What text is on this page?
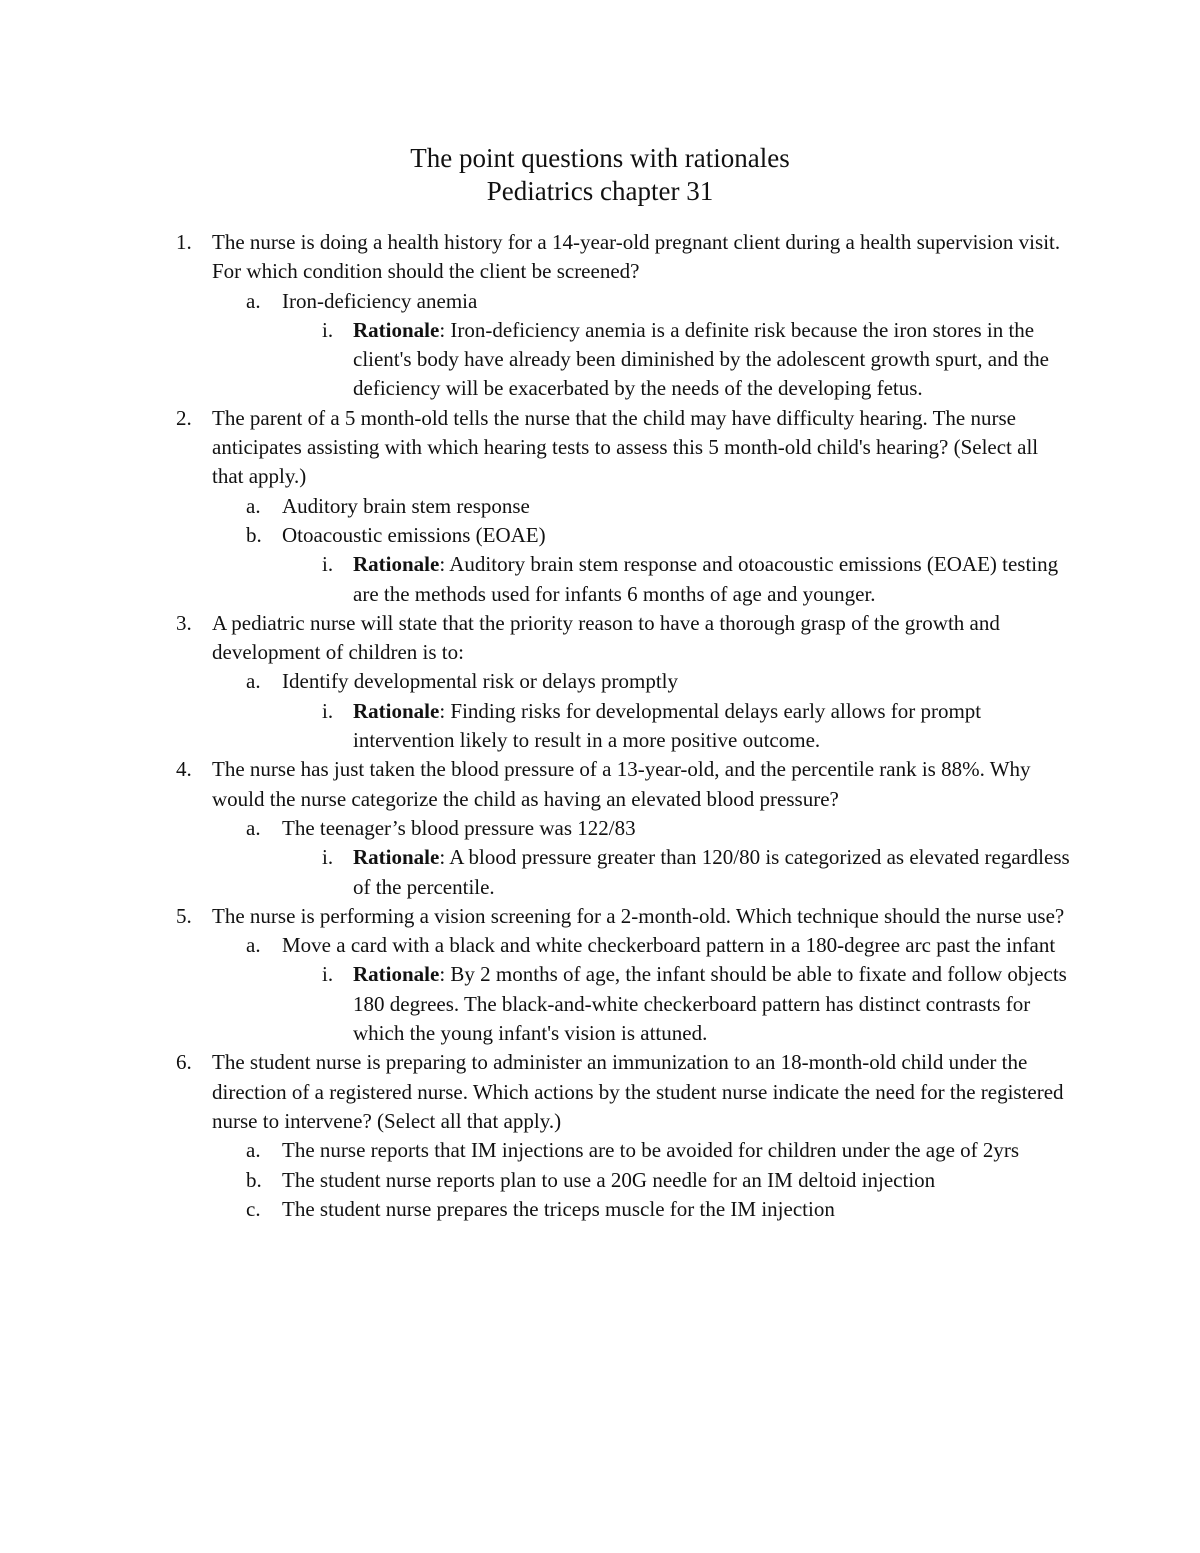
The point questions with rationales
Pediatrics chapter 31
1. The nurse is doing a health history for a 14-year-old pregnant client during a health supervision visit. For which condition should the client be screened?
a. Iron-deficiency anemia
i. Rationale: Iron-deficiency anemia is a definite risk because the iron stores in the client's body have already been diminished by the adolescent growth spurt, and the deficiency will be exacerbated by the needs of the developing fetus.
2. The parent of a 5 month-old tells the nurse that the child may have difficulty hearing. The nurse anticipates assisting with which hearing tests to assess this 5 month-old child's hearing? (Select all that apply.)
a. Auditory brain stem response
b. Otoacoustic emissions (EOAE)
i. Rationale: Auditory brain stem response and otoacoustic emissions (EOAE) testing are the methods used for infants 6 months of age and younger.
3. A pediatric nurse will state that the priority reason to have a thorough grasp of the growth and development of children is to:
a. Identify developmental risk or delays promptly
i. Rationale: Finding risks for developmental delays early allows for prompt intervention likely to result in a more positive outcome.
4. The nurse has just taken the blood pressure of a 13-year-old, and the percentile rank is 88%. Why would the nurse categorize the child as having an elevated blood pressure?
a. The teenager’s blood pressure was 122/83
i. Rationale: A blood pressure greater than 120/80 is categorized as elevated regardless of the percentile.
5. The nurse is performing a vision screening for a 2-month-old. Which technique should the nurse use?
a. Move a card with a black and white checkerboard pattern in a 180-degree arc past the infant
i. Rationale: By 2 months of age, the infant should be able to fixate and follow objects 180 degrees. The black-and-white checkerboard pattern has distinct contrasts for which the young infant's vision is attuned.
6. The student nurse is preparing to administer an immunization to an 18-month-old child under the direction of a registered nurse. Which actions by the student nurse indicate the need for the registered nurse to intervene? (Select all that apply.)
a. The nurse reports that IM injections are to be avoided for children under the age of 2yrs
b. The student nurse reports plan to use a 20G needle for an IM deltoid injection
c. The student nurse prepares the triceps muscle for the IM injection
